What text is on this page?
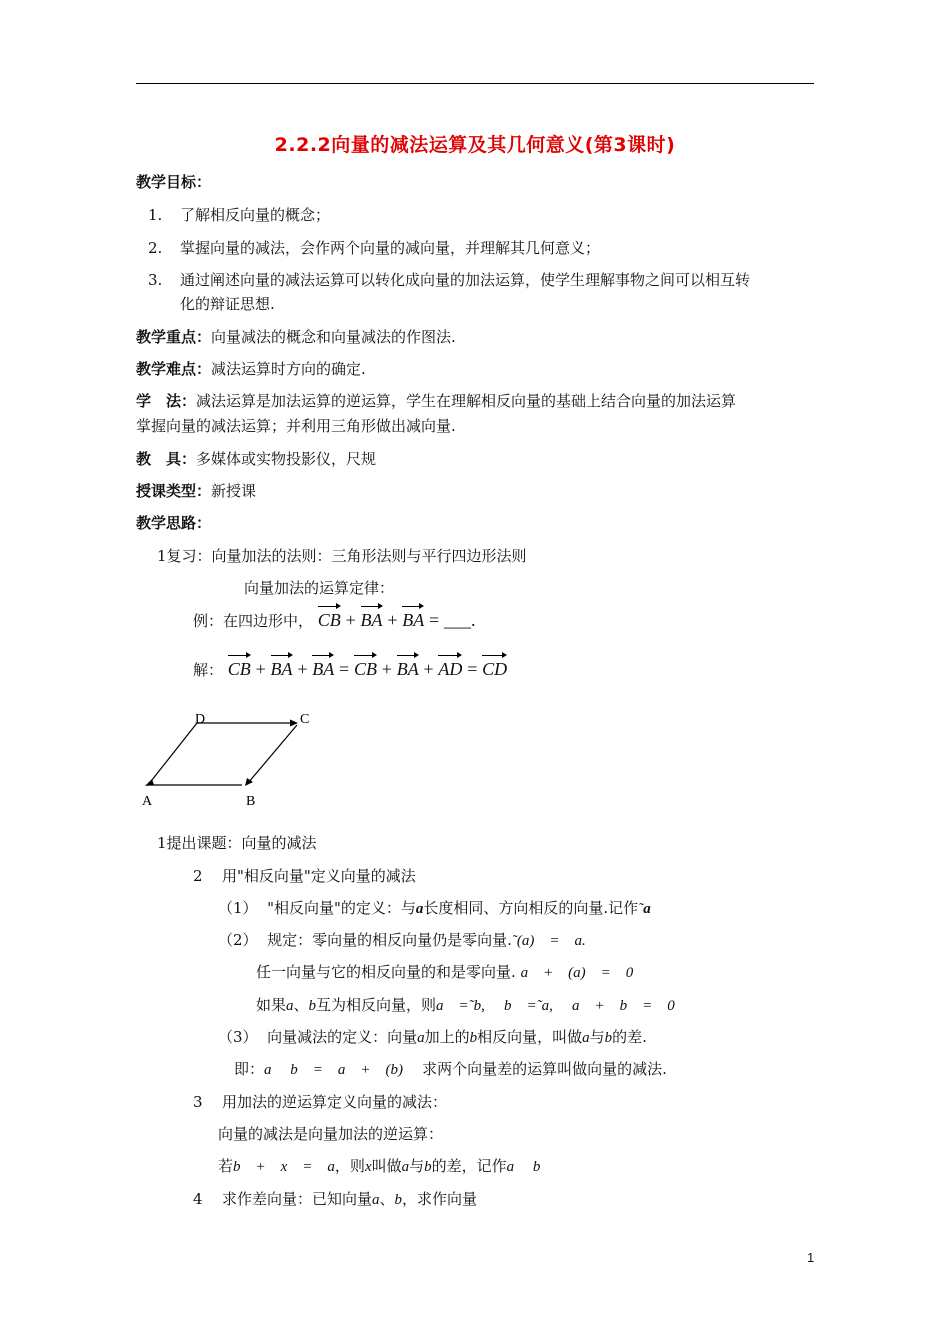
2.2.2向量的减法运算及其几何意义(第3课时)
教学目标：
1. 了解相反向量的概念；
2. 掌握向量的减法，会作两个向量的减向量，并理解其几何意义；
3. 通过阐述向量的减法运算可以转化成向量的加法运算，使学生理解事物之间可以相互转
化的辩证思想.
教学重点：向量减法的概念和向量减法的作图法.
教学难点：减法运算时方向的确定.
学　法：减法运算是加法运算的逆运算，学生在理解相反向量的基础上结合向量的加法运算
掌握向量的减法运算；并利用三角形做出减向量.
教　具：多媒体或实物投影仪，尺规
授课类型：新授课
教学思路：
1复习：向量加法的法则：三角形法则与平行四边形法则
向量加法的运算定律：
例：在四边形中， CB + BA + BA = ___.
解： CB + BA + BA = CB + BA + AD = CD
D	C
A	B
1提出课题：向量的减法
2 用"相反向量"定义向量的减法
（1） "相反向量"的定义：与a长度相同、方向相反的向量.记作˜a
（2） 规定：零向量的相反向量仍是零向量.˜(a)　=　a.
任一向量与它的相反向量的和是零向量. a　+　(a)　=　0
如果a、b互为相反向量，则a　=˜b, b　=˜a, a　+　b　=　0
（3） 向量减法的定义：向量a加上的b相反向量，叫做a与b的差.
即：a　 b　=　a　+　(b) 求两个向量差的运算叫做向量的减法.
3 用加法的逆运算定义向量的减法：
向量的减法是向量加法的逆运算：
若b　+　x　=　a，则x叫做a与b的差，记作a　 b
4 求作差向量：已知向量a、b，求作向量
1
